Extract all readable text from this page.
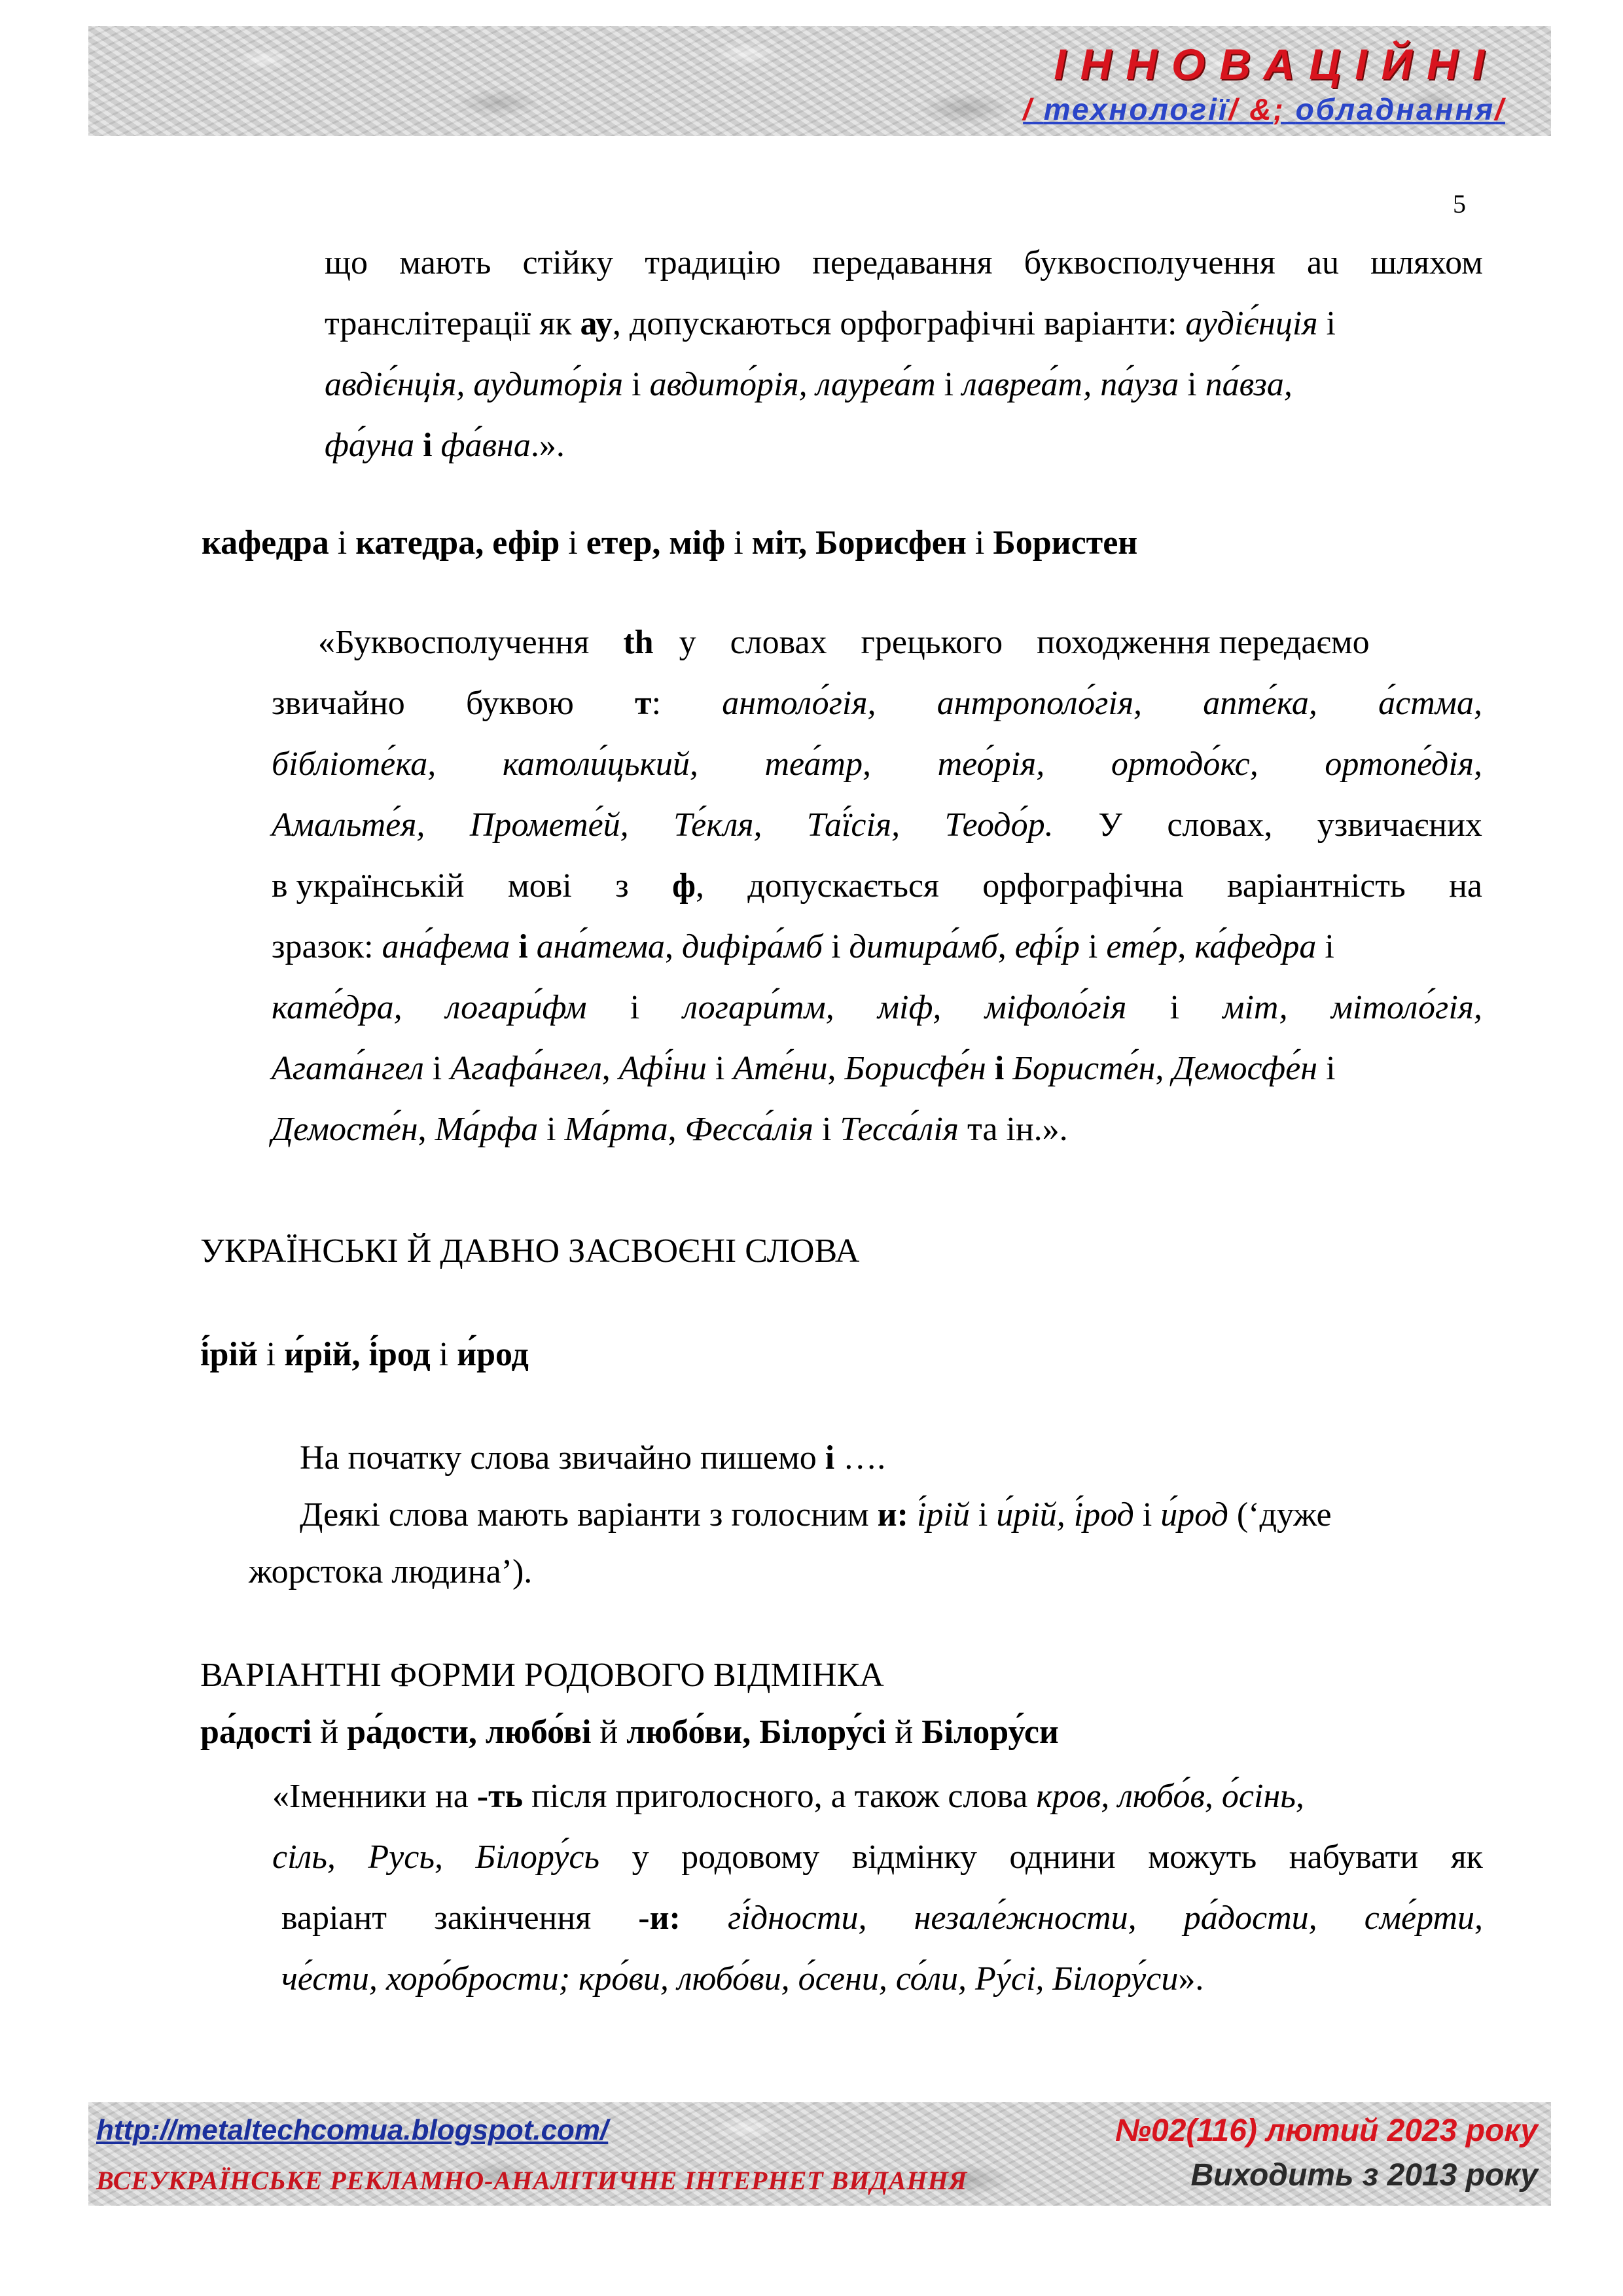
ІННОВАЦІЙНІ
/ технології/ &; обладнання/
5
що мають стійку традицію передавання буквосполучення au шляхом
транслітерації як ау, допускаються орфографічні варіанти: аудіє́нція і
авдіє́нція, аудито́рія і авдито́рія, лауреа́т і лавреа́т, па́уза і па́вза,
фа́уна і фа́вна.».
кафедра і катедра, ефір і етер, міф і міт, Борисфен і Бористен
«Буквосполучення th у словах грецького походження передаємо
звичайно буквою т: антоло́гія, антрополо́гія, апте́ка, а́стма,
бібліоте́ка, католи́цький, теа́тр, тео́рія, ортодо́кс, ортопе́дія,
Амальте́я, Промете́й, Те́кля, Таї́сія, Теодо́р. У словах, узвичаєних
в українській мові з ф, допускається орфографічна варіантність на
зразок: ана́фема і ана́тема, дифіра́мб і дитира́мб, ефі́р і ете́р, ка́федра і
кате́дра, логари́фм і логари́тм, міф, міфоло́гія і міт, мітоло́гія,
Агата́нгел і Агафа́нгел, Афі́ни і Ате́ни, Борисфе́н і Бористе́н, Демосфе́н і
Демосте́н, Ма́рфа і Ма́рта, Фесса́лія і Тесса́лія та ін.».
УКРАЇНСЬКІ Й ДАВНО ЗАСВОЄНІ СЛОВА
і́рій і и́рій, і́род і и́род
На початку слова звичайно пишемо і ….
Деякі слова мають варіанти з голосним и: і́рій і и́рій, і́род і и́род (‘дуже
жорстока людина’).
ВАРІАНТНІ ФОРМИ РОДОВОГО ВІДМІНКА
ра́дості й ра́дости, любо́ві й любо́ви, Білору́сі й Білору́си
«Іменники на -ть після приголосного, а також слова кров, любо́в, о́сінь,
сіль, Русь, Білору́сь у родовому відмінку однини можуть набувати як
варіант закінчення -и: гі́дности, незале́жности, ра́дости, сме́рти,
че́сти, хоро́брости; кро́ви, любо́ви, о́сени, со́ли, Ру́сі, Білору́си».
http://metaltechcomua.blogspot.com/
ВСЕУКРАЇНСЬКЕ РЕКЛАМНО-АНАЛІТИЧНЕ ІНТЕРНЕТ ВИДАННЯ
№02(116) лютий 2023 року
Виходить з 2013 року
